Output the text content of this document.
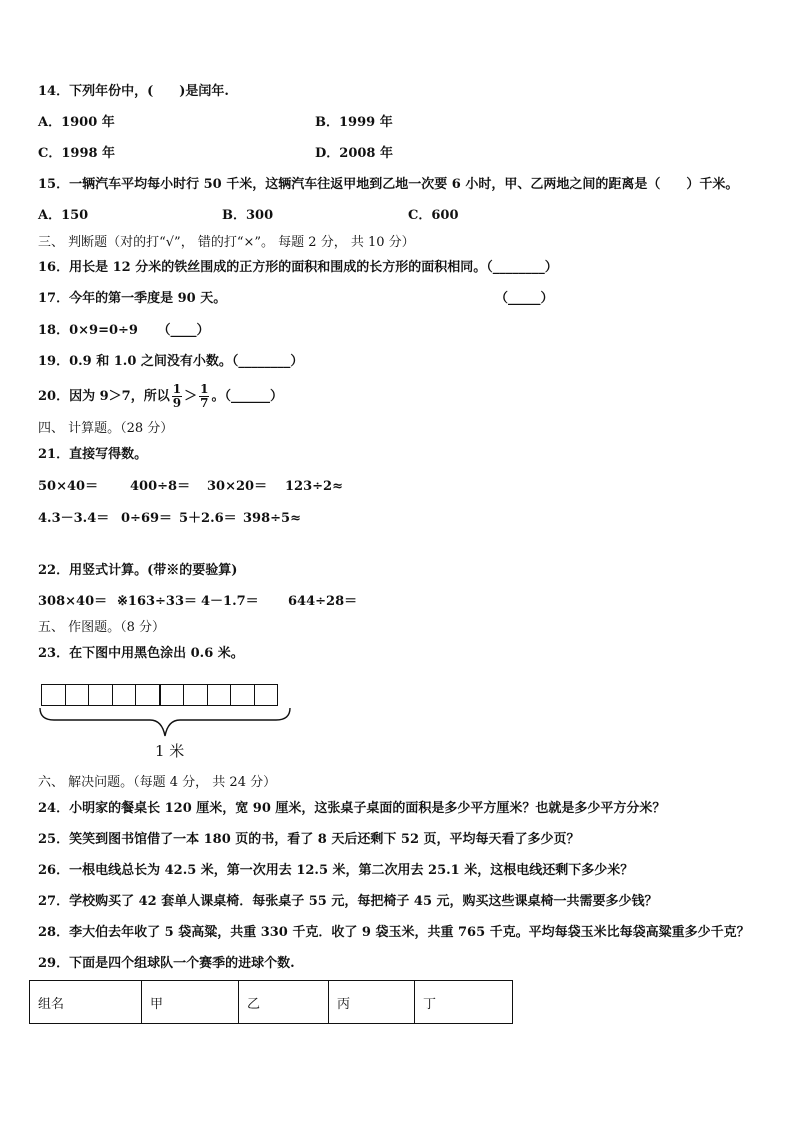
14．下列年份中，(　　)是闰年.
A．1900 年	B．1999 年
C．1998 年	D．2008 年
15．一辆汽车平均每小时行 50 千米，这辆汽车往返甲地到乙地一次要 6 小时，甲、乙两地之间的距离是（　　）千米。
A．150	B．300	C．600
三、 判断题（对的打“√”， 错的打“×”。 每题 2 分， 共 10 分）
16．用长是 12 分米的铁丝围成的正方形的面积和围成的长方形的面积相同。（________）
17．今年的第一季度是 90 天。	（_____）
18．0×9=0÷9　　（____）
19．0.9 和 1.0 之间没有小数。（________）
20．因为 9＞7，所以 $\frac{1}{9} > \frac{1}{7}$ 。（______）
四、 计算题。（28 分）
21．直接写得数。
50×40＝ 400÷8＝ 30×20＝ 123÷2≈
4.3－3.4＝ 0÷69＝ 5＋2.6＝ 398÷5≈
22．用竖式计算。(带※的要验算)
308×40＝ ※163÷33＝ 4－1.7＝ 644÷28＝
五、 作图题。（8 分）
23．在下图中用黑色涂出 0.6 米。
1 米
六、 解决问题。（每题 4 分， 共 24 分）
24．小明家的餐桌长 120 厘米，宽 90 厘米，这张桌子桌面的面积是多少平方厘米？也就是多少平方分米？
25．笑笑到图书馆借了一本 180 页的书，看了 8 天后还剩下 52 页，平均每天看了多少页？
26．一根电线总长为 42.5 米，第一次用去 12.5 米，第二次用去 25.1 米，这根电线还剩下多少米？
27．学校购买了 42 套单人课桌椅．每张桌子 55 元，每把椅子 45 元，购买这些课桌椅一共需要多少钱？
28．李大伯去年收了 5 袋高粱，共重 330 千克．收了 9 袋玉米，共重 765 千克。平均每袋玉米比每袋高粱重多少千克？
29．下面是四个组球队一个赛季的进球个数.
组名	甲	乙	丙	丁
